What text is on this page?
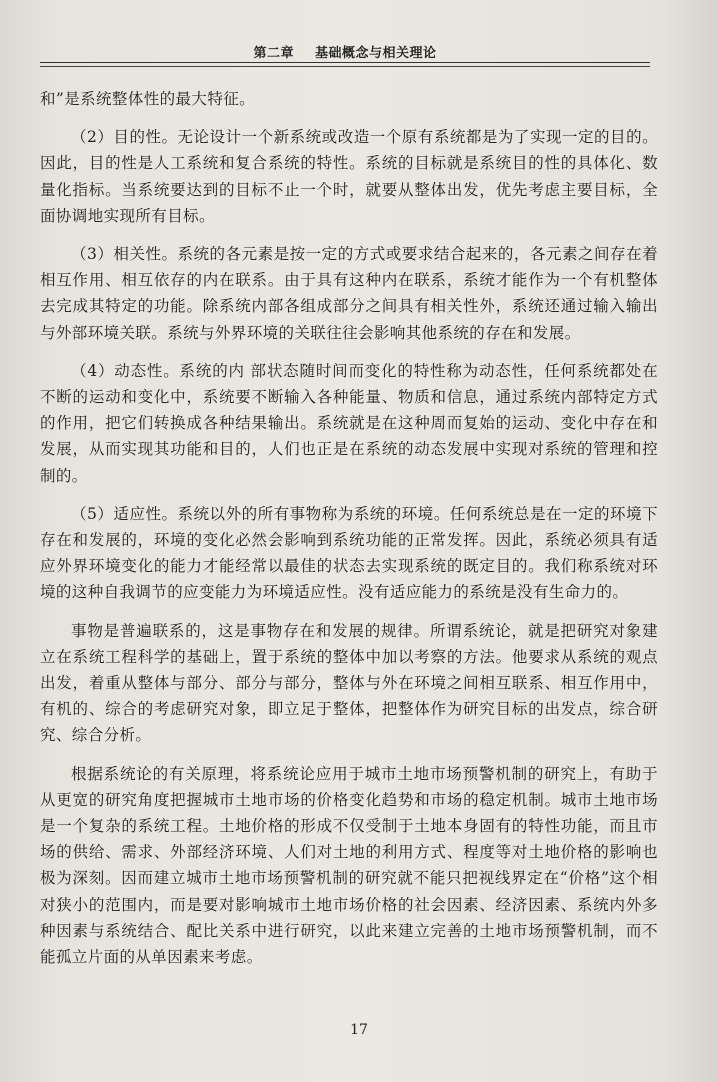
第二章 基础概念与相关理论

和”是系统整体性的最大特征。

（2）目的性。无论设计一个新系统或改造一个原有系统都是为了实现一定的目的。因此，目的性是人工系统和复合系统的特性。系统的目标就是系统目的性的具体化、数量化指标。当系统要达到的目标不止一个时，就要从整体出发，优先考虑主要目标，全面协调地实现所有目标。

（3）相关性。系统的各元素是按一定的方式或要求结合起来的，各元素之间存在着相互作用、相互依存的内在联系。由于具有这种内在联系，系统才能作为一个有机整体去完成其特定的功能。除系统内部各组成部分之间具有相关性外，系统还通过输入输出与外部环境关联。系统与外界环境的关联往往会影响其他系统的存在和发展。

（4）动态性。系统的内 部状态随时间而变化的特性称为动态性，任何系统都处在不断的运动和变化中，系统要不断输入各种能量、物质和信息，通过系统内部特定方式的作用，把它们转换成各种结果输出。系统就是在这种周而复始的运动、变化中存在和发展，从而实现其功能和目的，人们也正是在系统的动态发展中实现对系统的管理和控制的。

（5）适应性。系统以外的所有事物称为系统的环境。任何系统总是在一定的环境下存在和发展的，环境的变化必然会影响到系统功能的正常发挥。因此，系统必须具有适应外界环境变化的能力才能经常以最佳的状态去实现系统的既定目的。我们称系统对环境的这种自我调节的应变能力为环境适应性。没有适应能力的系统是没有生命力的。

事物是普遍联系的，这是事物存在和发展的规律。所谓系统论，就是把研究对象建立在系统工程科学的基础上，置于系统的整体中加以考察的方法。他要求从系统的观点出发，着重从整体与部分、部分与部分，整体与外在环境之间相互联系、相互作用中，有机的、综合的考虑研究对象，即立足于整体，把整体作为研究目标的出发点，综合研究、综合分析。

根据系统论的有关原理，将系统论应用于城市土地市场预警机制的研究上，有助于从更宽的研究角度把握城市土地市场的价格变化趋势和市场的稳定机制。城市土地市场是一个复杂的系统工程。土地价格的形成不仅受制于土地本身固有的特性功能，而且市场的供给、需求、外部经济环境、人们对土地的利用方式、程度等对土地价格的影响也极为深刻。因而建立城市土地市场预警机制的研究就不能只把视线界定在“价格”这个相对狭小的范围内，而是要对影响城市土地市场价格的社会因素、经济因素、系统内外多种因素与系统结合、配比关系中进行研究，以此来建立完善的土地市场预警机制，而不能孤立片面的从单因素来考虑。

17
